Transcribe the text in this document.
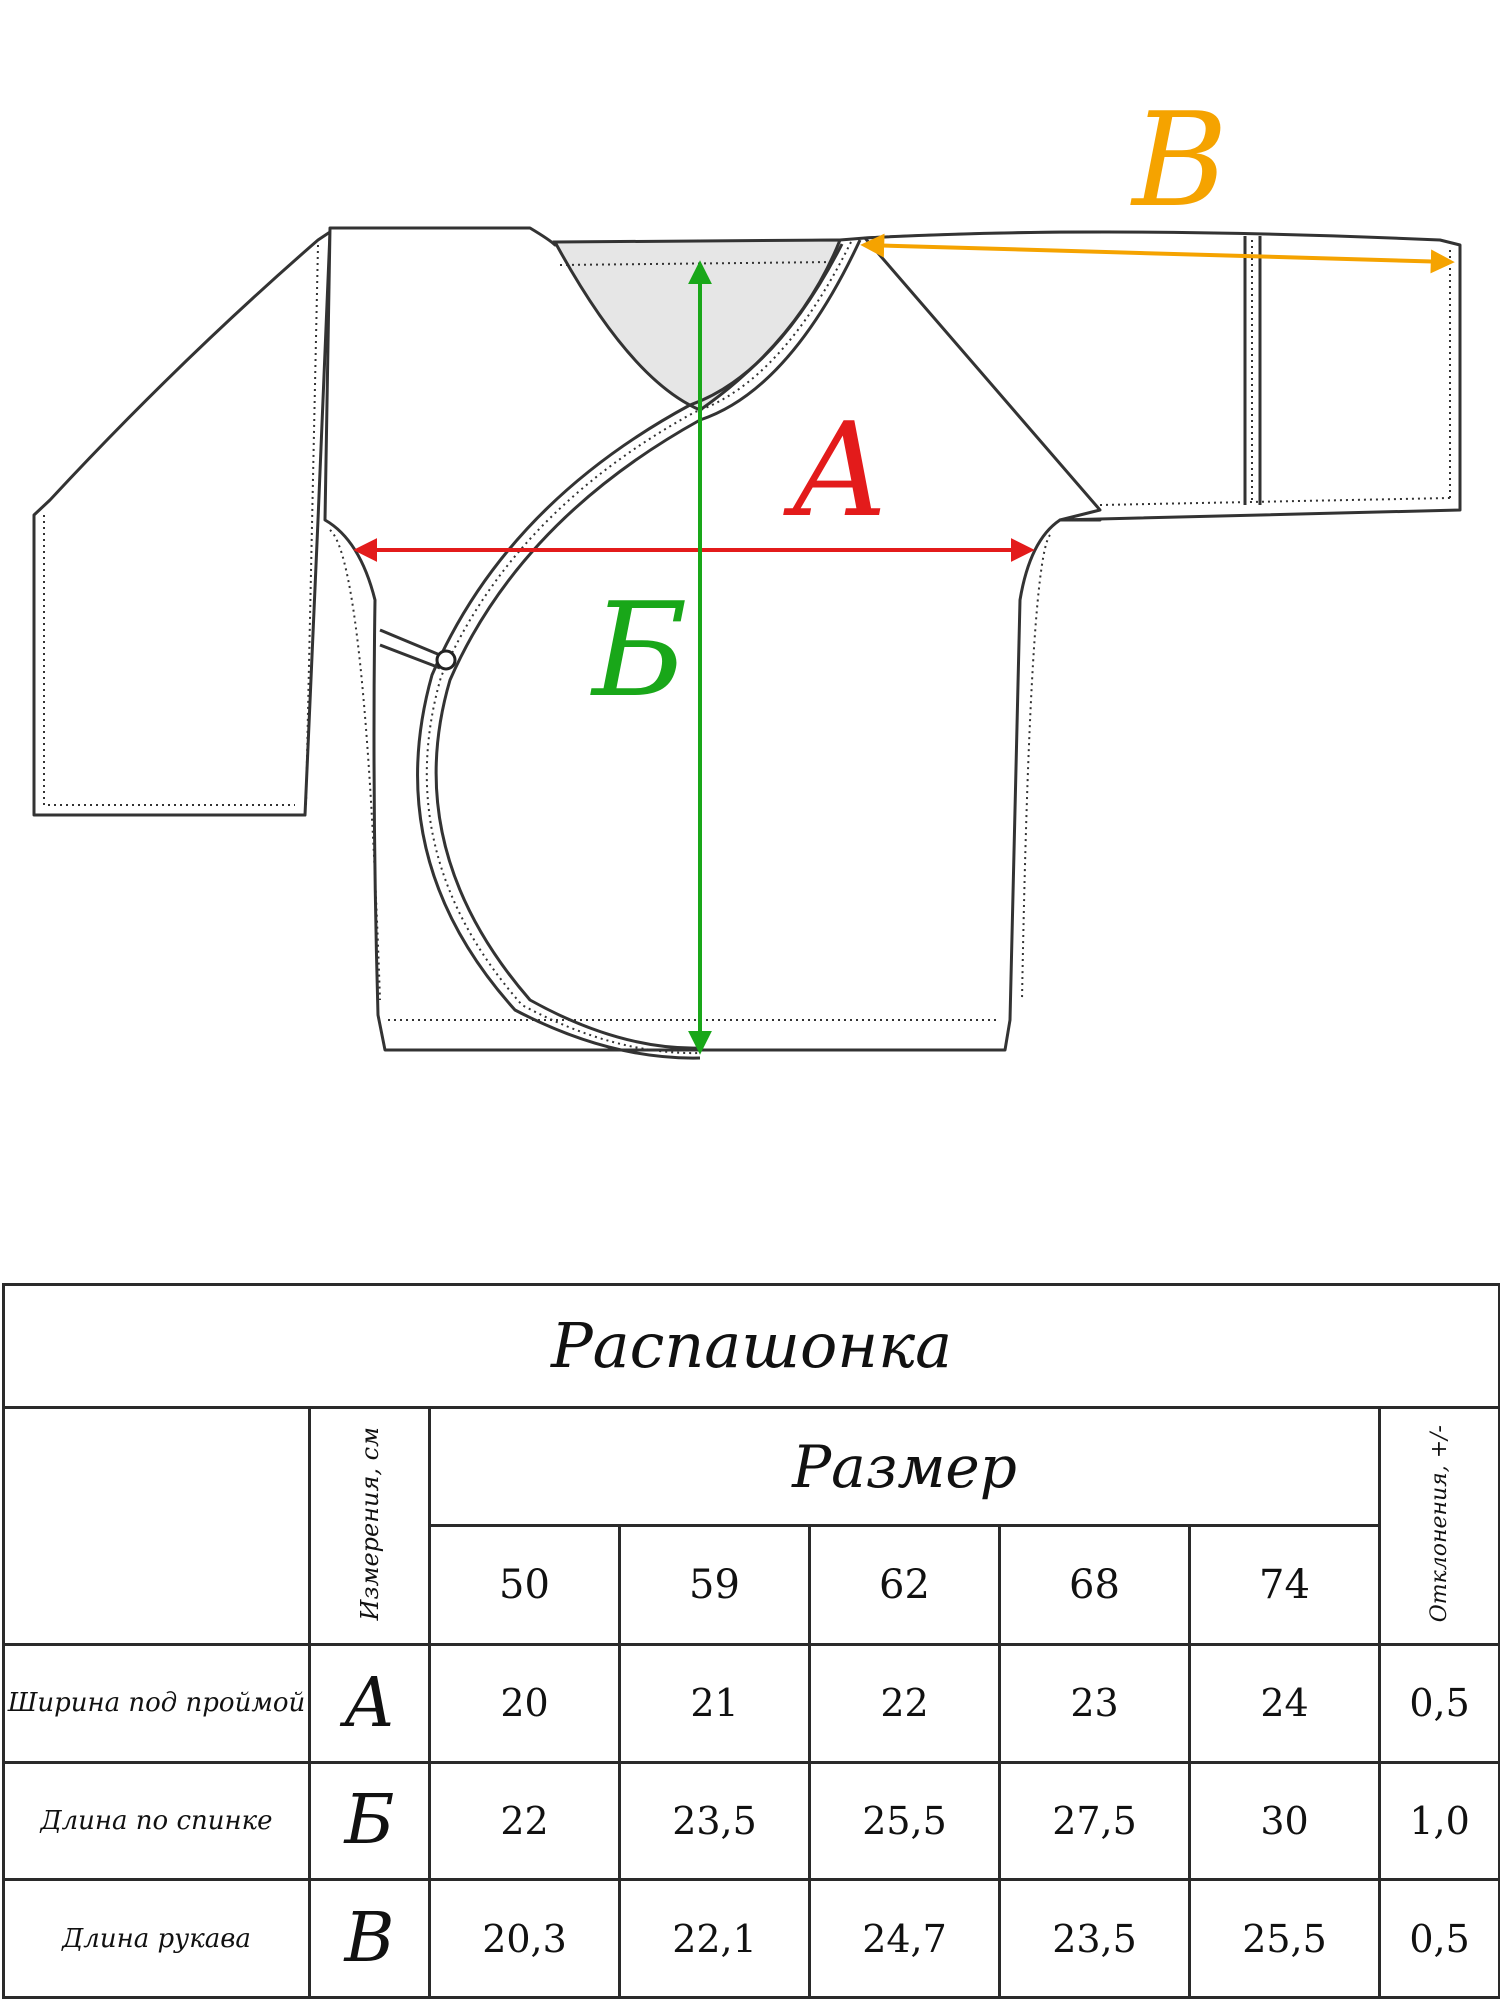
А
Б
В
Распашонка							
	Измерения, см	Размер					Отклонения, +/-
		50	59	62	68	74	
Ширина под проймой	А	20	21	22	23	24	0,5
Длина по спинке	Б	22	23,5	25,5	27,5	30	1,0
Длина рукава	В	20,3	22,1	24,7	23,5	25,5	0,5
